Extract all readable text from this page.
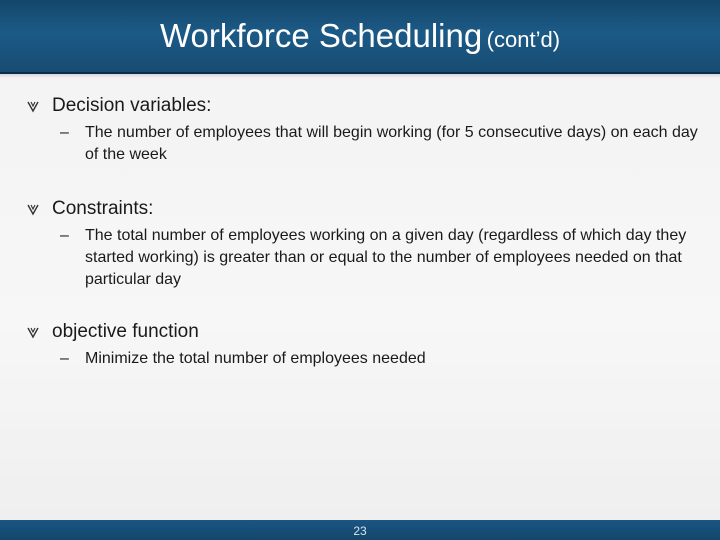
Workforce Scheduling (cont’d)
Decision variables:
– The number of employees that will begin working (for 5 consecutive days) on each day of the week
Constraints:
– The total number of employees working on a given day (regardless of which day they started working) is greater than or equal to the number of employees needed on that particular day
objective function
– Minimize the total number of employees needed
23
